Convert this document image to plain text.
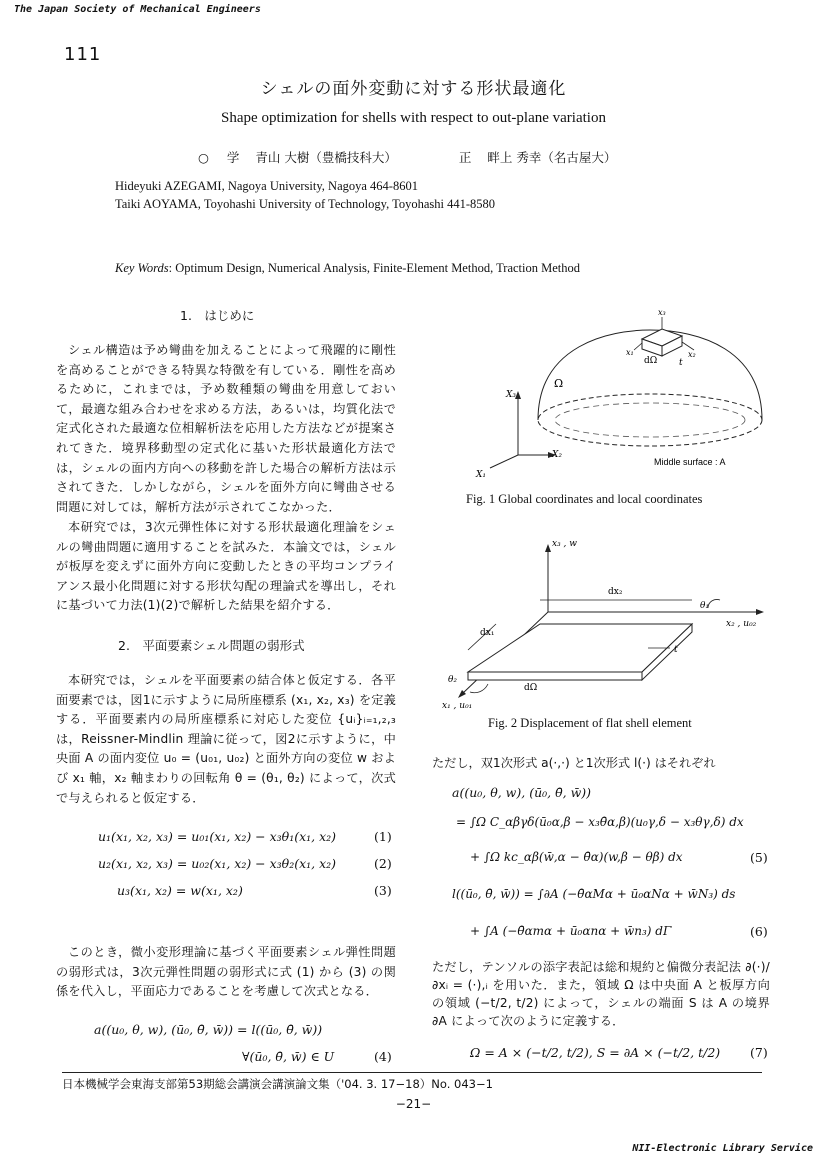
The Japan Society of Mechanical Engineers
NII-Electronic Library Service
111
シェルの面外変動に対する形状最適化
Shape optimization for shells with respect to out-plane variation
○ 学 青山 大樹（豊橋技科大）	正 畔上 秀幸（名古屋大）
Hideyuki AZEGAMI, Nagoya University, Nagoya 464-8601
Taiki AOYAMA, Toyohashi University of Technology, Toyohashi 441-8580
Key Words: Optimum Design, Numerical Analysis, Finite-Element Method, Traction Method
1.　はじめに
シェル構造は予め彎曲を加えることによって飛躍的に剛性を高めることができる特異な特徴を有している．剛性を高めるために，これまでは，予め数種類の彎曲を用意しておいて，最適な組み合わせを求める方法，あるいは，均質化法で定式化された最適な位相解析法を応用した方法などが提案されてきた．境界移動型の定式化に基いた形状最適化方法では，シェルの面内方向への移動を許した場合の解析方法は示されてきた．しかしながら，シェルを面外方向に彎曲させる問題に対しては，解析方法が示されてこなかった．
本研究では，3次元弾性体に対する形状最適化理論をシェルの彎曲問題に適用することを試みた．本論文では，シェルが板厚を変えずに面外方向に変動したときの平均コンプライアンス最小化問題に対する形状勾配の理論式を導出し，それに基づいて力法(1)(2)で解析した結果を紹介する．
2.　平面要素シェル問題の弱形式
本研究では，シェルを平面要素の結合体と仮定する．各平面要素では，図1に示すように局所座標系 (x₁, x₂, x₃) を定義する．平面要素内の局所座標系に対応した変位 {uᵢ}ᵢ₌₁,₂,₃ は，Reissner-Mindlin 理論に従って，図2に示すように，中央面 A の面内変位 u₀ = (u₀₁, u₀₂) と面外方向の変位 w および x₁ 軸，x₂ 軸まわりの回転角 θ = (θ₁, θ₂) によって，次式で与えられると仮定する．
u₁(x₁, x₂, x₃) = u₀₁(x₁, x₂) − x₃θ₁(x₁, x₂)	(1)
u₂(x₁, x₂, x₃) = u₀₂(x₁, x₂) − x₃θ₂(x₁, x₂)	(2)
u₃(x₁, x₂) = w(x₁, x₂)	(3)
このとき，微小変形理論に基づく平面要素シェル弾性問題の弱形式は，3次元弾性問題の弱形式に式 (1) から (3) の関係を代入し，平面応力であることを考慮して次式となる．
a((u₀, θ, w), (ū₀, θ̄, w̄)) = l((ū₀, θ̄, w̄))
∀(ū₀, θ̄, w̄) ∈ U	(4)
x₃
x₁	x₂
dΩ t
Ω
X₃
X₂
X₁
Middle surface : A
Fig. 1 Global coordinates and local coordinates
x₃ , w
dx₂
θ₁
x₂ , u₀₂
dx₁
t
θ₂
dΩ
x₁ , u₀₁
Fig. 2 Displacement of flat shell element
ただし，双1次形式 a(·,·) と1次形式 l(·) はそれぞれ
a((u₀, θ, w), (ū₀, θ̄, w̄))
= ∫Ω C_αβγδ(ū₀α,β − x₃θ̄α,β)(u₀γ,δ − x₃θγ,δ) dx
+ ∫Ω kc_αβ(w̄,α − θ̄α)(w,β − θβ) dx	(5)
l((ū₀, θ̄, w̄)) = ∫∂A (−θ̄αMα + ū₀αNα + w̄N₃) ds
+ ∫A (−θ̄αmα + ū₀αnα + w̄n₃) dΓ	(6)
ただし，テンソルの添字表記は総和規約と偏微分表記法 ∂(·)/∂xᵢ = (·),ᵢ を用いた．また，領域 Ω は中央面 A と板厚方向の領域 (−t/2, t/2) によって，シェルの端面 S は A の境界 ∂A によって次のように定義する．
Ω = A × (−t/2, t/2), S = ∂A × (−t/2, t/2) (7)
日本機械学会東海支部第53期総会講演会講演論文集（'04. 3. 17−18）No. 043−1
−21−
